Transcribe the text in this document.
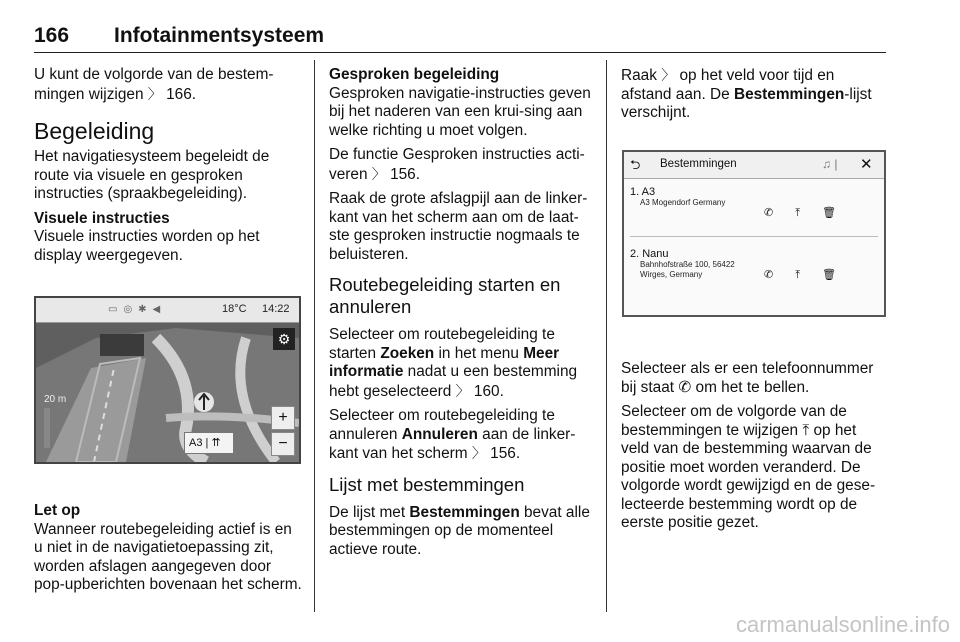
166 Infotainmentsysteem

U kunt de volgorde van de bestem-
mingen wijzigen 〉 166.

Begeleiding

Het navigatiesysteem begeleidt de route via visuele en gesproken instructies (spraakbegeleiding).

Visuele instructies

Visuele instructies worden op het display weergegeven.

▭◎✱◀	18°C 14:22
20 m
⚙
+
−
A3 | ⇈
Let op

Wanneer routebegeleiding actief is en u niet in de navigatietoepassing zit, worden afslagen aangegeven door pop-upberichten bovenaan het scherm.

Gesproken begeleiding

Gesproken navigatie-instructies geven bij het naderen van een krui-sing aan welke richting u moet volgen.

De functie Gesproken instructies acti-veren 〉 156.

Raak de grote afslagpijl aan de linker-kant van het scherm aan om de laat-ste gesproken instructie nogmaals te beluisteren.

Routebegeleiding starten en annuleren

Selecteer om routebegeleiding te starten Zoeken in het menu Meer informatie nadat u een bestemming hebt geselecteerd 〉 160.

Selecteer om routebegeleiding te annuleren Annuleren aan de linker-kant van het scherm 〉 156.

Lijst met bestemmingen

De lijst met Bestemmingen bevat alle bestemmingen op de momenteel actieve route.

Raak 〉 op het veld voor tijd en afstand aan. De Bestemmingen-lijst verschijnt.

⮌ Bestemmingen	♫ | ✕
1. A3
A3 Mogendorf Germany
✆⤒🗑
2. Nanu
Bahnhofstraße 100, 56422 Wirges, Germany	✆⤒🗑

Selecteer als er een telefoonnummer bij staat ✆ om het te bellen.

Selecteer om de volgorde van de bestemmingen te wijzigen ⤒ op het veld van de bestemming waarvan de positie moet worden veranderd. De volgorde wordt gewijzigd en de gese-lecteerde bestemming wordt op de eerste positie gezet.

carmanualsonline.info
